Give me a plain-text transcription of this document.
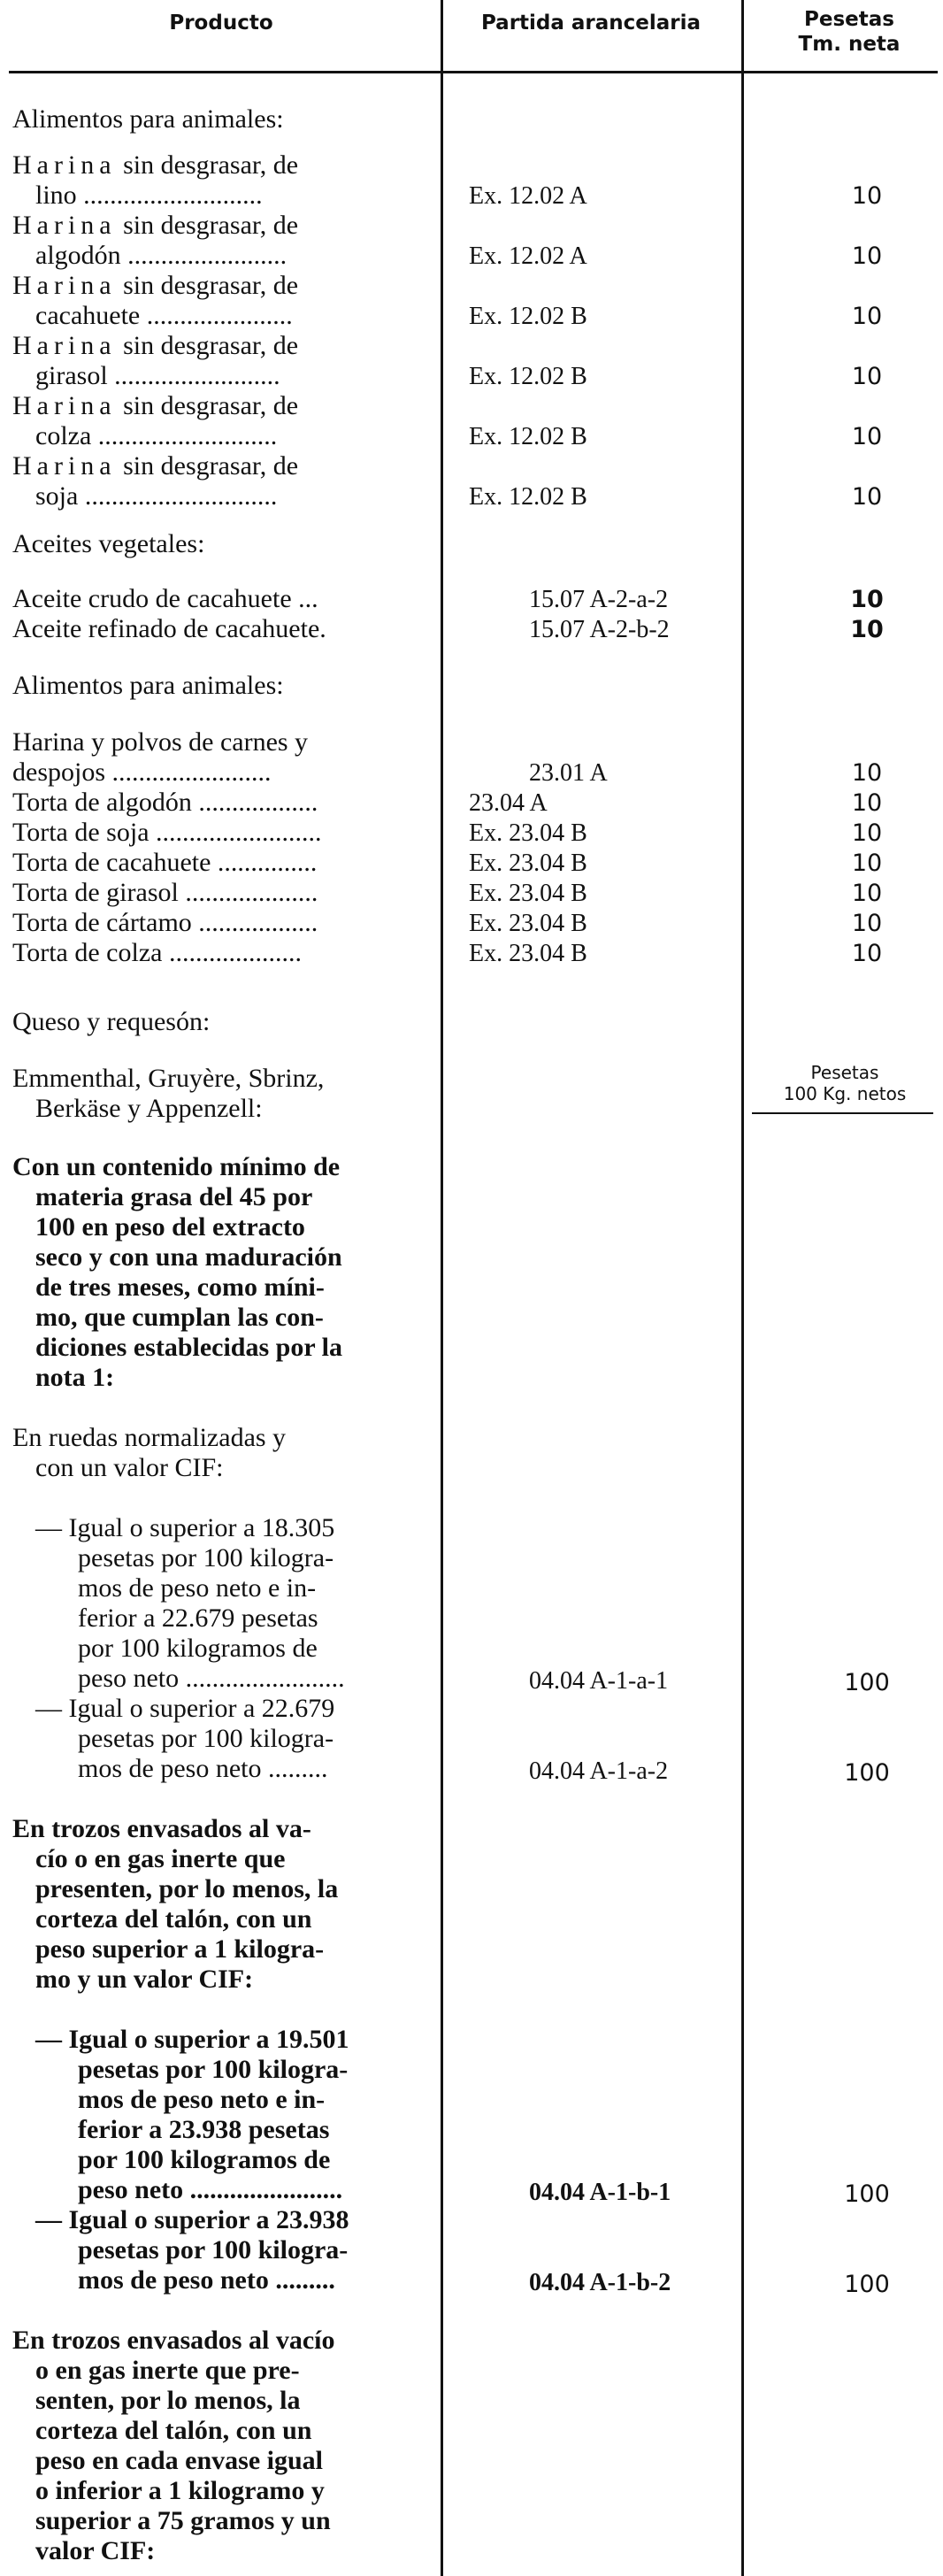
Producto	Partida arancelaria	Pesetas
Tm. neta
Alimentos para animales:
Harina sin desgrasar, de
lino ...........................	Ex. 12.02 A	10
Harina sin desgrasar, de
algodón ........................	Ex. 12.02 A	10
Harina sin desgrasar, de
cacahuete ......................	Ex. 12.02 B	10
Harina sin desgrasar, de
girasol .........................	Ex. 12.02 B	10
Harina sin desgrasar, de
colza ...........................	Ex. 12.02 B	10
Harina sin desgrasar, de
soja .............................	Ex. 12.02 B	10
Aceites vegetales:
Aceite crudo de cacahuete ...	15.07 A-2-a-2	10
Aceite refinado de cacahuete.	15.07 A-2-b-2	10
Alimentos para animales:
Harina y polvos de carnes y
despojos ........................	23.01 A	10
Torta de algodón ..................	23.04 A	10
Torta de soja .........................	Ex. 23.04 B	10
Torta de cacahuete ...............	Ex. 23.04 B	10
Torta de girasol ....................	Ex. 23.04 B	10
Torta de cártamo ..................	Ex. 23.04 B	10
Torta de colza ....................	Ex. 23.04 B	10
Queso y requesón:
Emmenthal, Gruyère, Sbrinz,
Berkäse y Appenzell:
Pesetas
100 Kg. netos
Con un contenido mínimo de
materia grasa del 45 por
100 en peso del extracto
seco y con una maduración
de tres meses, como míni-
mo, que cumplan las con-
diciones establecidas por la
nota 1:
En ruedas normalizadas y
con un valor CIF:
— Igual o superior a 18.305
pesetas por 100 kilogra-
mos de peso neto e in-
ferior a 22.679 pesetas
por 100 kilogramos de
peso neto ........................	04.04 A-1-a-1	100
— Igual o superior a 22.679
pesetas por 100 kilogra-
mos de peso neto .........	04.04 A-1-a-2	100
En trozos envasados al va-
cío o en gas inerte que
presenten, por lo menos, la
corteza del talón, con un
peso superior a 1 kilogra-
mo y un valor CIF:
— Igual o superior a 19.501
pesetas por 100 kilogra-
mos de peso neto e in-
ferior a 23.938 pesetas
por 100 kilogramos de
peso neto .......................	04.04 A-1-b-1	100
— Igual o superior a 23.938
pesetas por 100 kilogra-
mos de peso neto .........	04.04 A-1-b-2	100
En trozos envasados al vacío
o en gas inerte que pre-
senten, por lo menos, la
corteza del talón, con un
peso en cada envase igual
o inferior a 1 kilogramo y
superior a 75 gramos y un
valor CIF:
